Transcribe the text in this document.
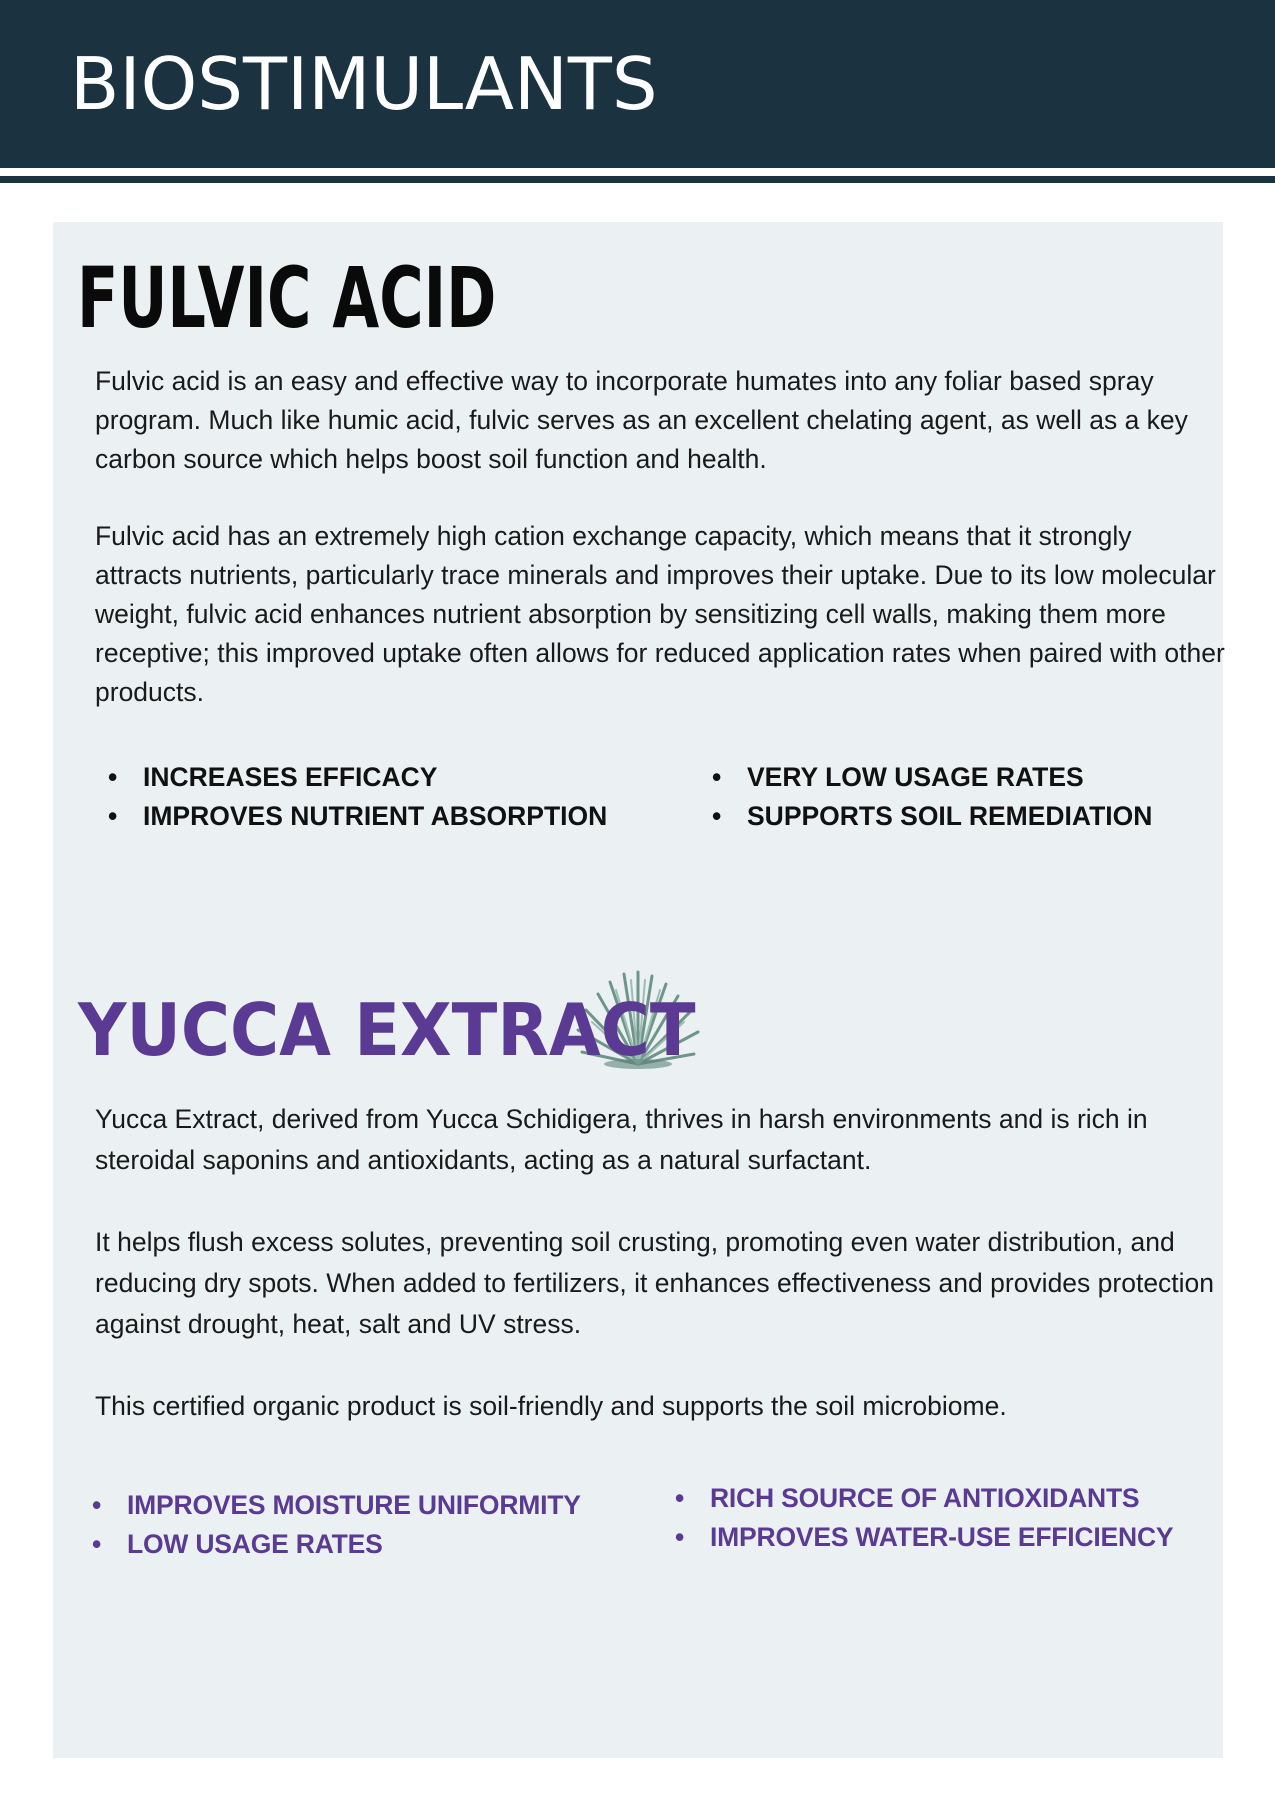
BIOSTIMULANTS
FULVIC ACID

Fulvic acid is an easy and effective way to incorporate humates into any foliar based spray program. Much like humic acid, fulvic serves as an excellent chelating agent, as well as a key carbon source which helps boost soil function and health.

Fulvic acid has an extremely high cation exchange capacity, which means that it strongly attracts nutrients, particularly trace minerals and improves their uptake. Due to its low molecular weight, fulvic acid enhances nutrient absorption by sensitizing cell walls, making them more receptive; this improved uptake often allows for reduced application rates when paired with other products.

• INCREASES EFFICACY
• IMPROVES NUTRIENT ABSORPTION
• VERY LOW USAGE RATES
• SUPPORTS SOIL REMEDIATION
YUCCA EXTRACT

Yucca Extract, derived from Yucca Schidigera, thrives in harsh environments and is rich in steroidal saponins and antioxidants, acting as a natural surfactant.

It helps flush excess solutes, preventing soil crusting, promoting even water distribution, and reducing dry spots. When added to fertilizers, it enhances effectiveness and provides protection against drought, heat, salt and UV stress.

This certified organic product is soil-friendly and supports the soil microbiome.

• IMPROVES MOISTURE UNIFORMITY
• LOW USAGE RATES
• RICH SOURCE OF ANTIOXIDANTS
• IMPROVES WATER-USE EFFICIENCY
